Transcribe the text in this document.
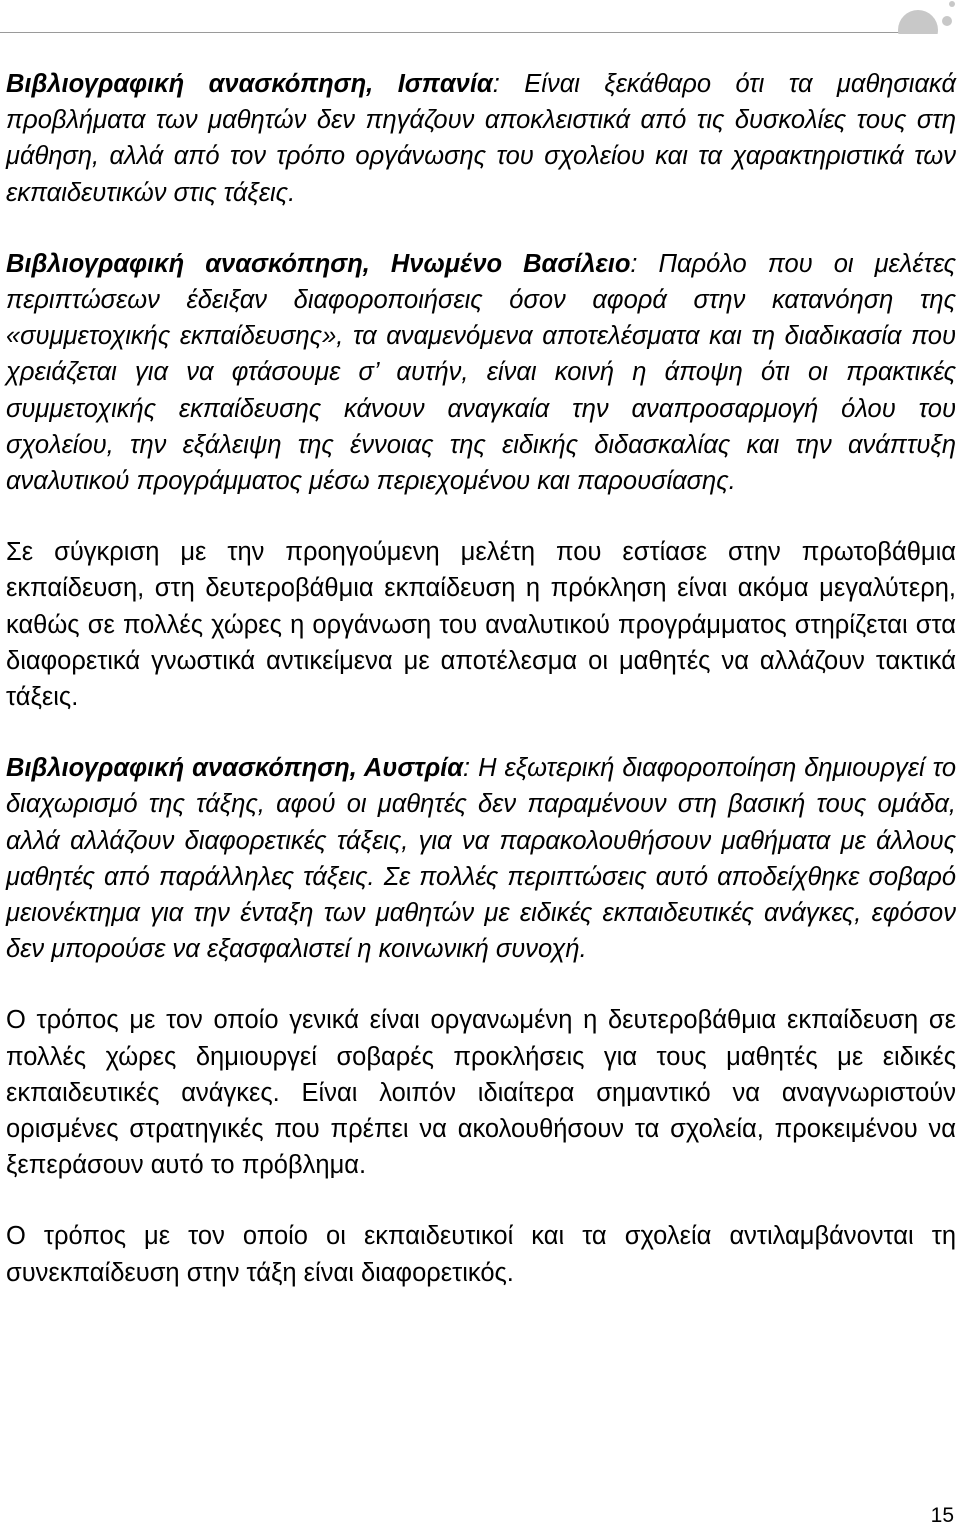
Βιβλιογραφική ανασκόπηση, Ισπανία: Είναι ξεκάθαρο ότι τα μαθησιακά προβλήματα των μαθητών δεν πηγάζουν αποκλειστικά από τις δυσκολίες τους στη μάθηση, αλλά από τον τρόπο οργάνωσης του σχολείου και τα χαρακτηριστικά των εκπαιδευτικών στις τάξεις.

Βιβλιογραφική ανασκόπηση, Ηνωμένο Βασίλειο: Παρόλο που οι μελέτες περιπτώσεων έδειξαν διαφοροποιήσεις όσον αφορά στην κατανόηση της «συμμετοχικής εκπαίδευσης», τα αναμενόμενα αποτελέσματα και τη διαδικασία που χρειάζεται για να φτάσουμε σ’ αυτήν, είναι κοινή η άποψη ότι οι πρακτικές συμμετοχικής εκπαίδευσης κάνουν αναγκαία την αναπροσαρμογή όλου του σχολείου, την εξάλειψη της έννοιας της ειδικής διδασκαλίας και την ανάπτυξη αναλυτικού προγράμματος μέσω περιεχομένου και παρουσίασης.

Σε σύγκριση με την προηγούμενη μελέτη που εστίασε στην πρωτοβάθμια εκπαίδευση, στη δευτεροβάθμια εκπαίδευση η πρόκληση είναι ακόμα μεγαλύτερη, καθώς σε πολλές χώρες η οργάνωση του αναλυτικού προγράμματος στηρίζεται στα διαφορετικά γνωστικά αντικείμενα με αποτέλεσμα οι μαθητές να αλλάζουν τακτικά τάξεις.

Βιβλιογραφική ανασκόπηση, Αυστρία: Η εξωτερική διαφοροποίηση δημιουργεί το διαχωρισμό της τάξης, αφού οι μαθητές δεν παραμένουν στη βασική τους ομάδα, αλλά αλλάζουν διαφορετικές τάξεις, για να παρακολουθήσουν μαθήματα με άλλους μαθητές από παράλληλες τάξεις. Σε πολλές περιπτώσεις αυτό αποδείχθηκε σοβαρό μειονέκτημα για την ένταξη των μαθητών με ειδικές εκπαιδευτικές ανάγκες, εφόσον δεν μπορούσε να εξασφαλιστεί η κοινωνική συνοχή.

Ο τρόπος με τον οποίο γενικά είναι οργανωμένη η δευτεροβάθμια εκπαίδευση σε πολλές χώρες δημιουργεί σοβαρές προκλήσεις για τους μαθητές με ειδικές εκπαιδευτικές ανάγκες. Είναι λοιπόν ιδιαίτερα σημαντικό να αναγνωριστούν ορισμένες στρατηγικές που πρέπει να ακολουθήσουν τα σχολεία, προκειμένου να ξεπεράσουν αυτό το πρόβλημα.

Ο τρόπος με τον οποίο οι εκπαιδευτικοί και τα σχολεία αντιλαμβάνονται τη συνεκπαίδευση στην τάξη είναι διαφορετικός.

15
